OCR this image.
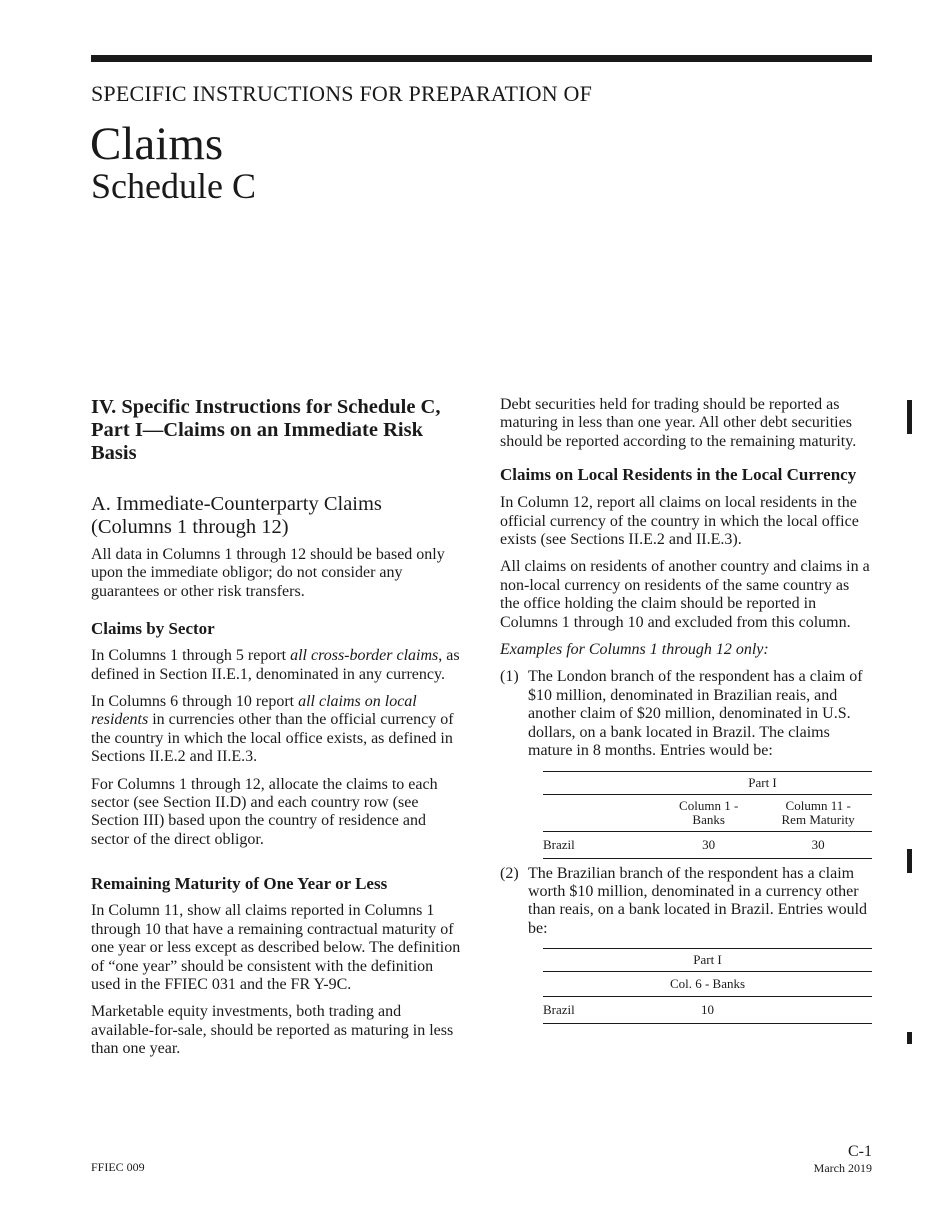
SPECIFIC INSTRUCTIONS FOR PREPARATION OF
Claims
Schedule C
IV. Specific Instructions for Schedule C, Part I—Claims on an Immediate Risk Basis
A. Immediate-Counterparty Claims (Columns 1 through 12)

All data in Columns 1 through 12 should be based only upon the immediate obligor; do not consider any guarantees or other risk transfers.

Claims by Sector

In Columns 1 through 5 report all cross-border claims, as defined in Section II.E.1, denominated in any currency.

In Columns 6 through 10 report all claims on local residents in currencies other than the official currency of the country in which the local office exists, as defined in Sections II.E.2 and II.E.3.

For Columns 1 through 12, allocate the claims to each sector (see Section II.D) and each country row (see Section III) based upon the country of residence and sector of the direct obligor.

Remaining Maturity of One Year or Less

In Column 11, show all claims reported in Columns 1 through 10 that have a remaining contractual maturity of one year or less except as described below. The definition of “one year” should be consistent with the definition used in the FFIEC 031 and the FR Y-9C.

Marketable equity investments, both trading and available-for-sale, should be reported as maturing in less than one year.

Debt securities held for trading should be reported as maturing in less than one year. All other debt securities should be reported according to the remaining maturity.

Claims on Local Residents in the Local Currency

In Column 12, report all claims on local residents in the official currency of the country in which the local office exists (see Sections II.E.2 and II.E.3).

All claims on residents of another country and claims in a non-local currency on residents of the same country as the office holding the claim should be reported in Columns 1 through 10 and excluded from this column.

Examples for Columns 1 through 12 only:

(1) The London branch of the respondent has a claim of $10 million, denominated in Brazilian reais, and another claim of $20 million, denominated in U.S. dollars, on a bank located in Brazil. The claims mature in 8 months. Entries would be:
	Part I	
	Column 1 - Banks	Column 11 - Rem Maturity
Brazil	30	30
(2) The Brazilian branch of the respondent has a claim worth $10 million, denominated in a currency other than reais, on a bank located in Brazil. Entries would be:
	Part I
	Col. 6 - Banks
Brazil	10
FFIEC 009
C-1
March 2019
